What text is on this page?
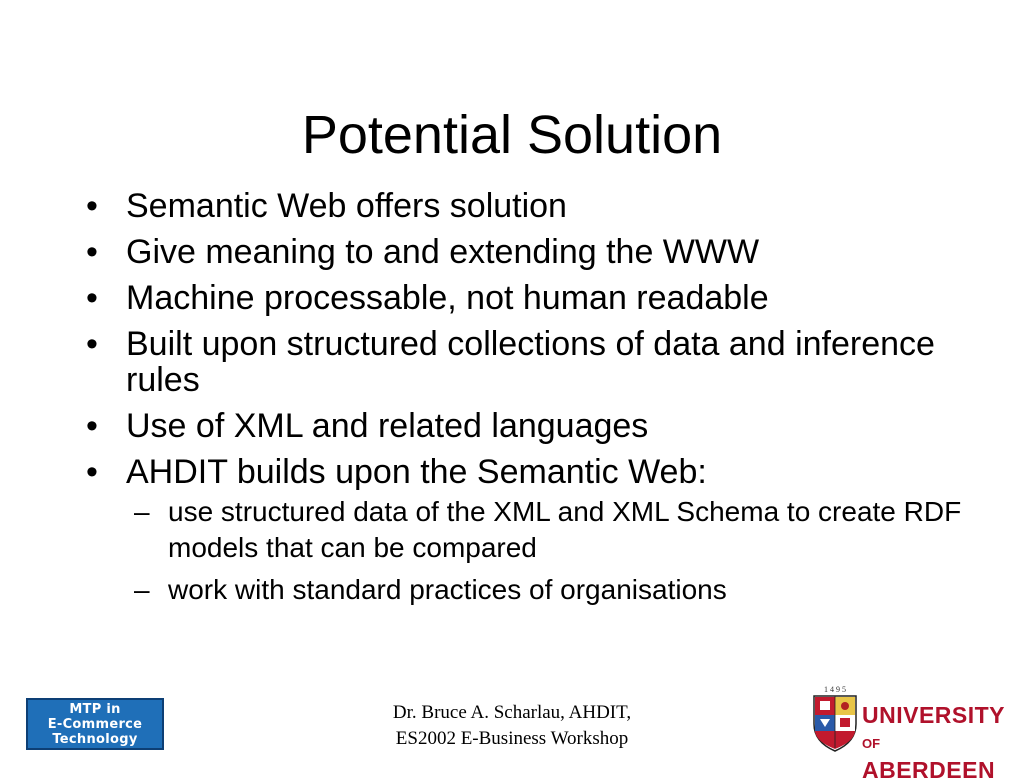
Potential Solution
• Semantic Web offers solution
• Give meaning to and extending the WWW
• Machine processable, not human readable
• Built upon structured collections of data and inference rules
• Use of XML and related languages
• AHDIT builds upon the Semantic Web:
– use structured data of the XML and XML Schema to create RDF models that can be compared
– work with standard practices of organisations
MTP in
E-Commerce
Technology
Dr. Bruce A. Scharlau, AHDIT,
ES2002 E-Business Workshop
1 4 9 5
UNIVERSITY
OF ABERDEEN
